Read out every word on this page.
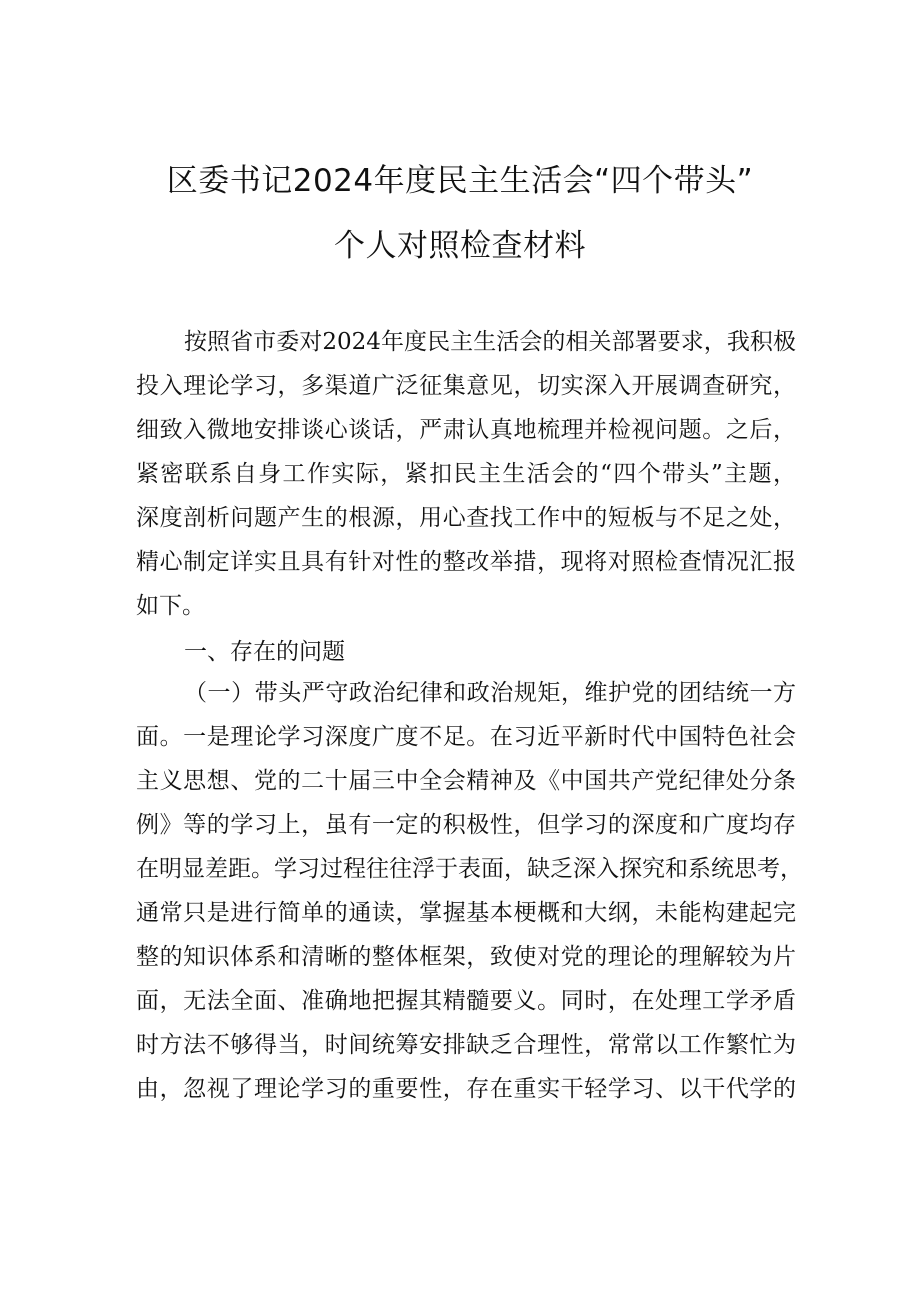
区委书记2024年度民主生活会“四个带头”
个人对照检查材料
按照省市委对2024年度民主生活会的相关部署要求，我积极
投入理论学习，多渠道广泛征集意见，切实深入开展调查研究，
细致入微地安排谈心谈话，严肃认真地梳理并检视问题。之后，
紧密联系自身工作实际，紧扣民主生活会的“四个带头”主题，
深度剖析问题产生的根源，用心查找工作中的短板与不足之处，
精心制定详实且具有针对性的整改举措，现将对照检查情况汇报
如下。
一、存在的问题
（一）带头严守政治纪律和政治规矩，维护党的团结统一方
面。一是理论学习深度广度不足。在习近平新时代中国特色社会
主义思想、党的二十届三中全会精神及《中国共产党纪律处分条
例》等的学习上，虽有一定的积极性，但学习的深度和广度均存
在明显差距。学习过程往往浮于表面，缺乏深入探究和系统思考，
通常只是进行简单的通读，掌握基本梗概和大纲，未能构建起完
整的知识体系和清晰的整体框架，致使对党的理论的理解较为片
面，无法全面、准确地把握其精髓要义。同时，在处理工学矛盾
时方法不够得当，时间统筹安排缺乏合理性，常常以工作繁忙为
由，忽视了理论学习的重要性，存在重实干轻学习、以干代学的
